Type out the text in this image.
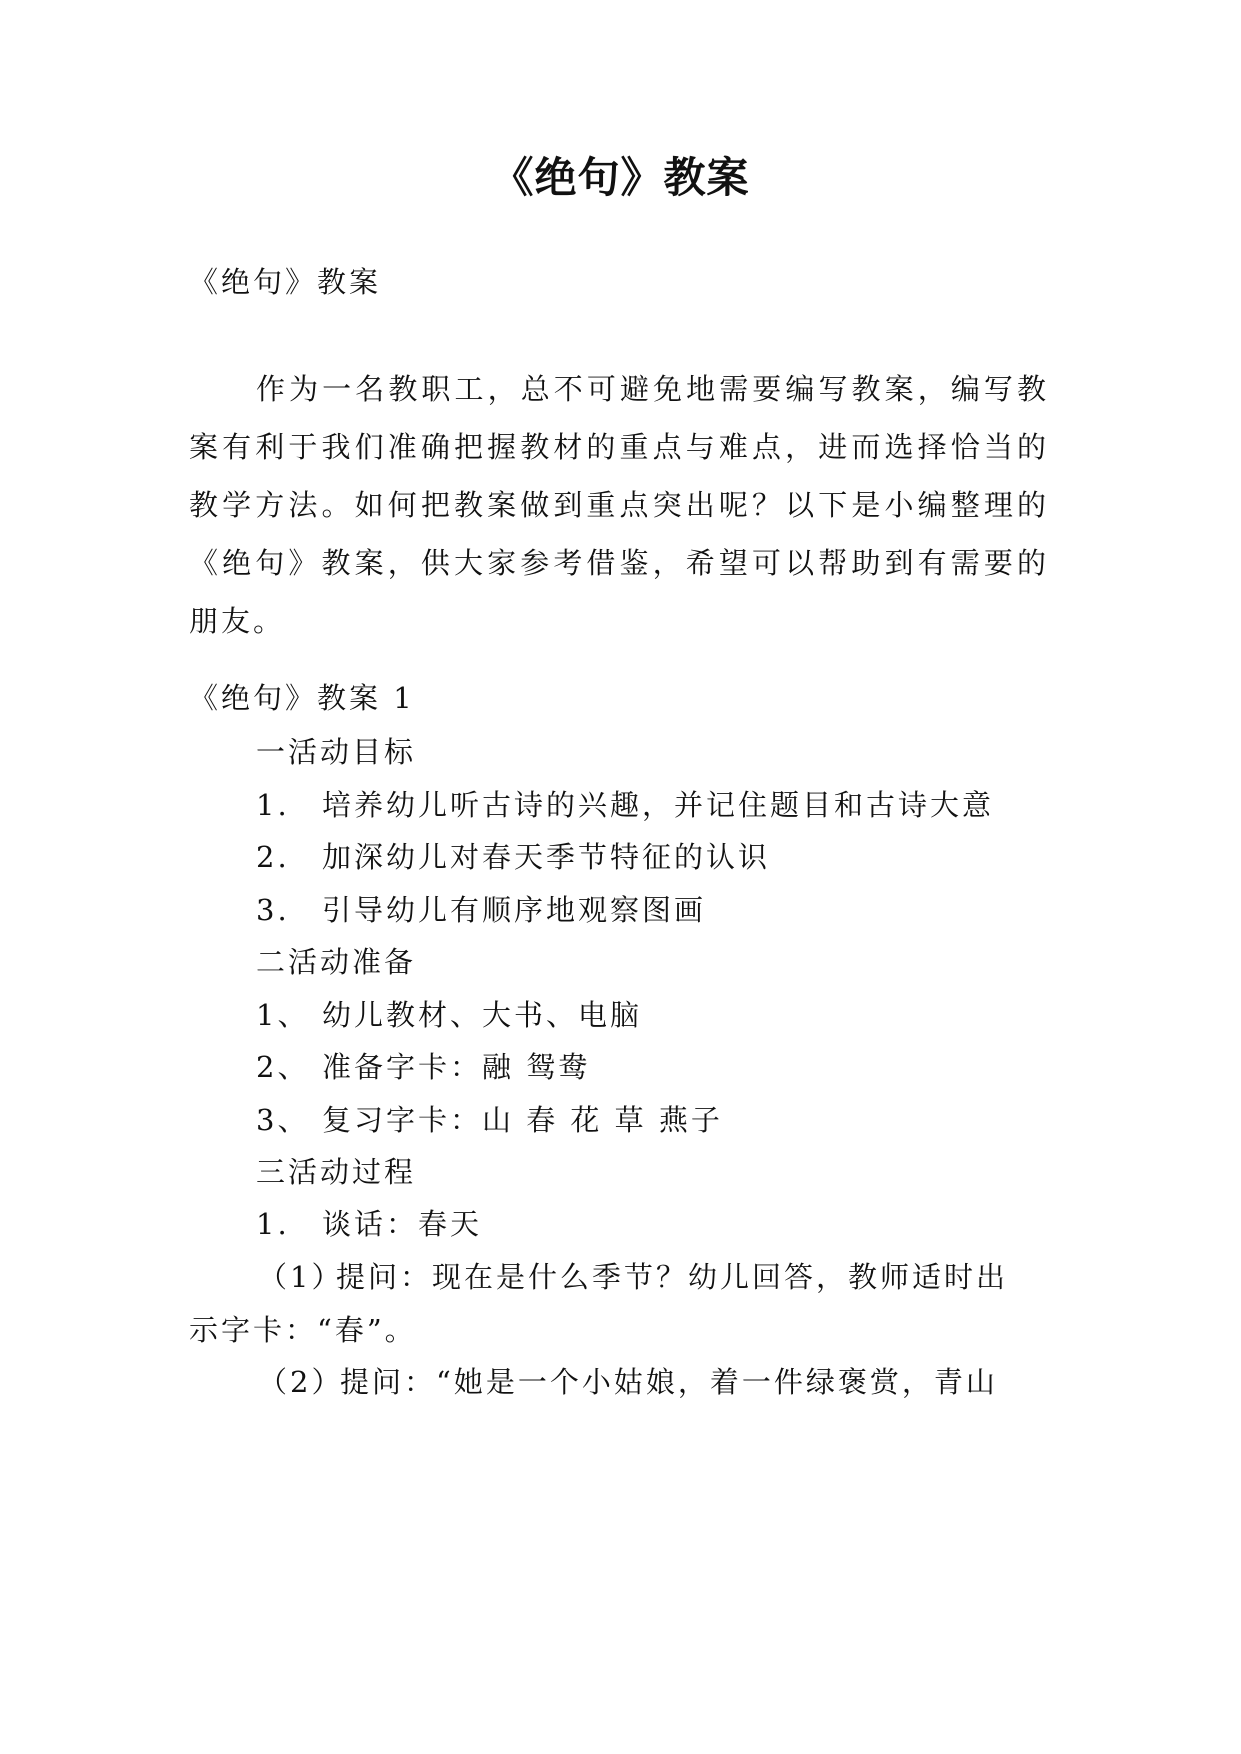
《绝句》教案
《绝句》教案
作为一名教职工，总不可避免地需要编写教案，编写教案有利于我们准确把握教材的重点与难点，进而选择恰当的教学方法。如何把教案做到重点突出呢？以下是小编整理的《绝句》教案，供大家参考借鉴，希望可以帮助到有需要的朋友。
《绝句》教案 1
一活动目标
1. 培养幼儿听古诗的兴趣，并记住题目和古诗大意
2. 加深幼儿对春天季节特征的认识
3. 引导幼儿有顺序地观察图画
二活动准备
1、 幼儿教材、大书、电脑
2、 准备字卡：融 鸳鸯
3、 复习字卡：山 春 花 草 燕子
三活动过程
1. 谈话：春天
（1）提问：现在是什么季节？幼儿回答，教师适时出
示字卡：“春”。
（2）提问：“她是一个小姑娘，着一件绿褒赏，青山
